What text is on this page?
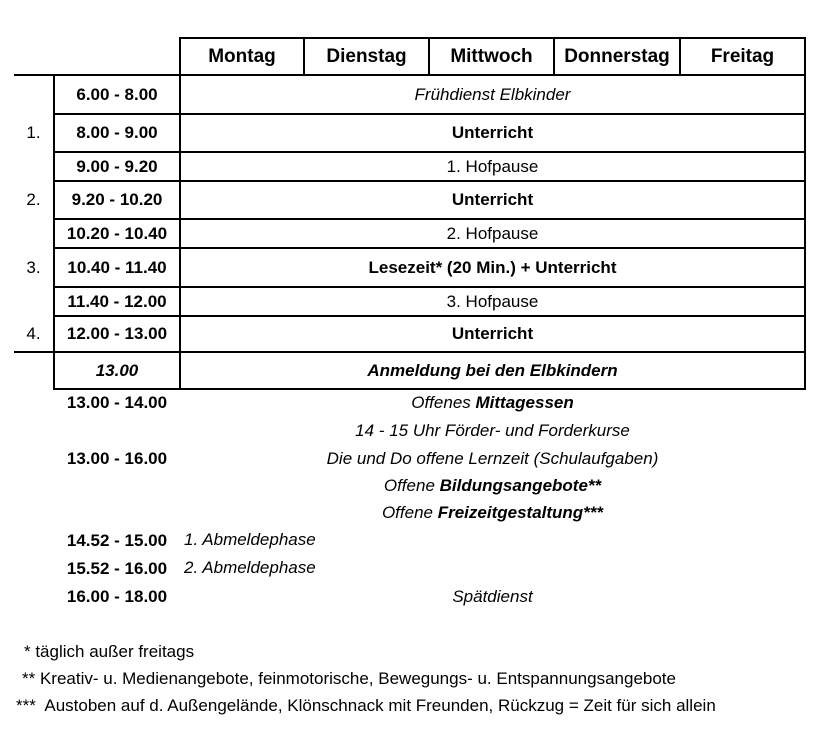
Montag	Dienstag	Mittwoch	Donnerstag	Freitag
6.00 - 8.00	Frühdienst Elbkinder
1.	8.00 - 9.00	Unterricht
9.00 - 9.20	1. Hofpause
2.	9.20 - 10.20	Unterricht
10.20 - 10.40	2. Hofpause
3.	10.40 - 11.40	Lesezeit* (20 Min.) + Unterricht
11.40 - 12.00	3. Hofpause
4.	12.00 - 13.00	Unterricht
13.00	Anmeldung bei den Elbkindern
13.00 - 14.00	Offenes Mittagessen
14 - 15 Uhr Förder- und Forderkurse
13.00 - 16.00	Die und Do offene Lernzeit (Schulaufgaben)
Offene Bildungsangebote**
Offene Freizeitgestaltung***
14.52 - 15.00 1. Abmeldephase
15.52 - 16.00 2. Abmeldephase
16.00 - 18.00	Spätdienst
* täglich außer freitags
** Kreativ- u. Medienangebote, feinmotorische, Bewegungs- u. Entspannungsangebote
***  Austoben auf d. Außengelände, Klönschnack mit Freunden, Rückzug = Zeit für sich allein
